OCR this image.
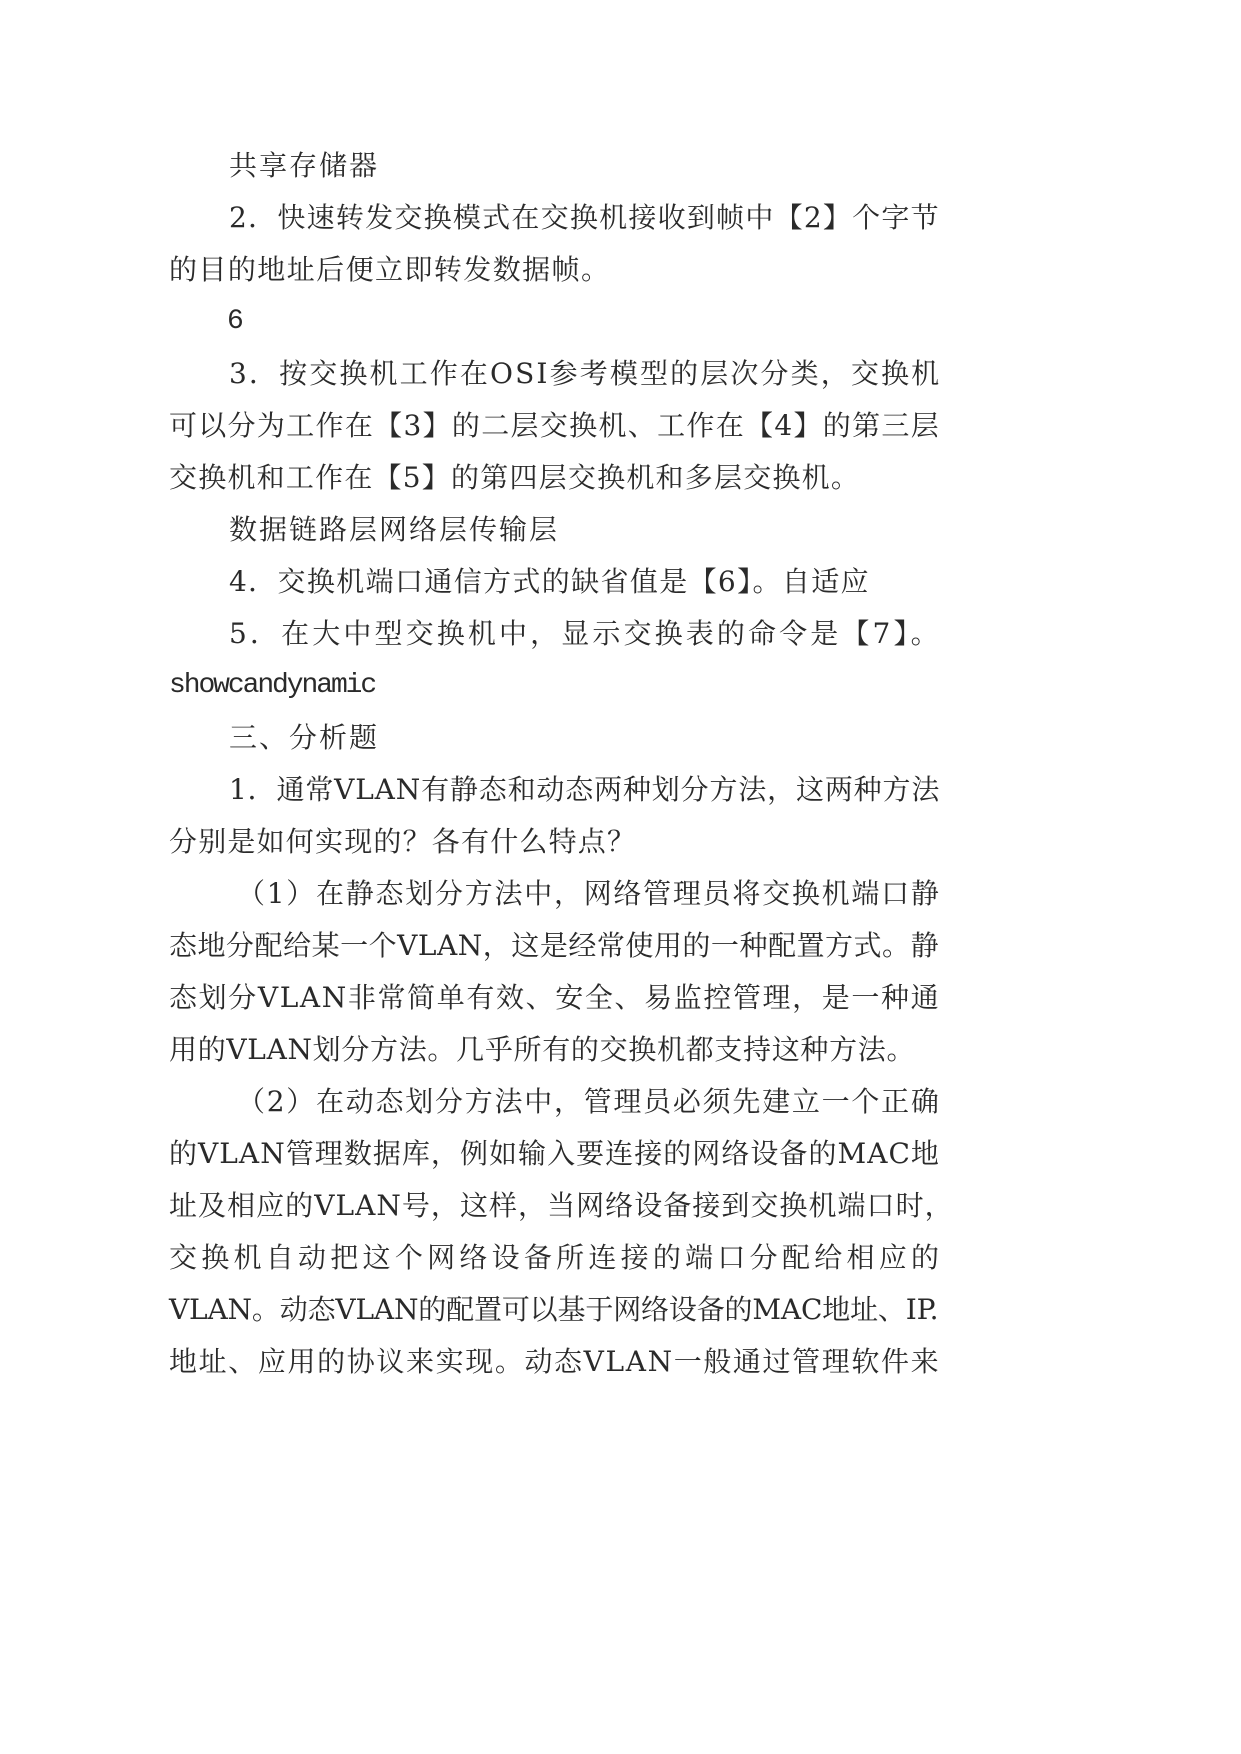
共享存储器

2．快速转发交换模式在交换机接收到帧中【2】个字节

的目的地址后便立即转发数据帧。

6

3．按交换机工作在OSI参考模型的层次分类，交换机

可以分为工作在【3】的二层交换机、工作在【4】的第三层

交换机和工作在【5】的第四层交换机和多层交换机。

数据链路层网络层传输层

4．交换机端口通信方式的缺省值是【6】。自适应

5．在大中型交换机中，显示交换表的命令是【7】。

showcandynamic

三、分析题

1．通常VLAN有静态和动态两种划分方法，这两种方法

分别是如何实现的？各有什么特点？

（1）在静态划分方法中，网络管理员将交换机端口静

态地分配给某一个VLAN，这是经常使用的一种配置方式。静

态划分VLAN非常简单有效、安全、易监控管理，是一种通

用的VLAN划分方法。几乎所有的交换机都支持这种方法。

（2）在动态划分方法中，管理员必须先建立一个正确

的VLAN管理数据库，例如输入要连接的网络设备的MAC地

址及相应的VLAN号，这样，当网络设备接到交换机端口时，

交换机自动把这个网络设备所连接的端口分配给相应的

VLAN。动态VLAN的配置可以基于网络设备的MAC地址、IP.

地址、应用的协议来实现。动态VLAN一般通过管理软件来
